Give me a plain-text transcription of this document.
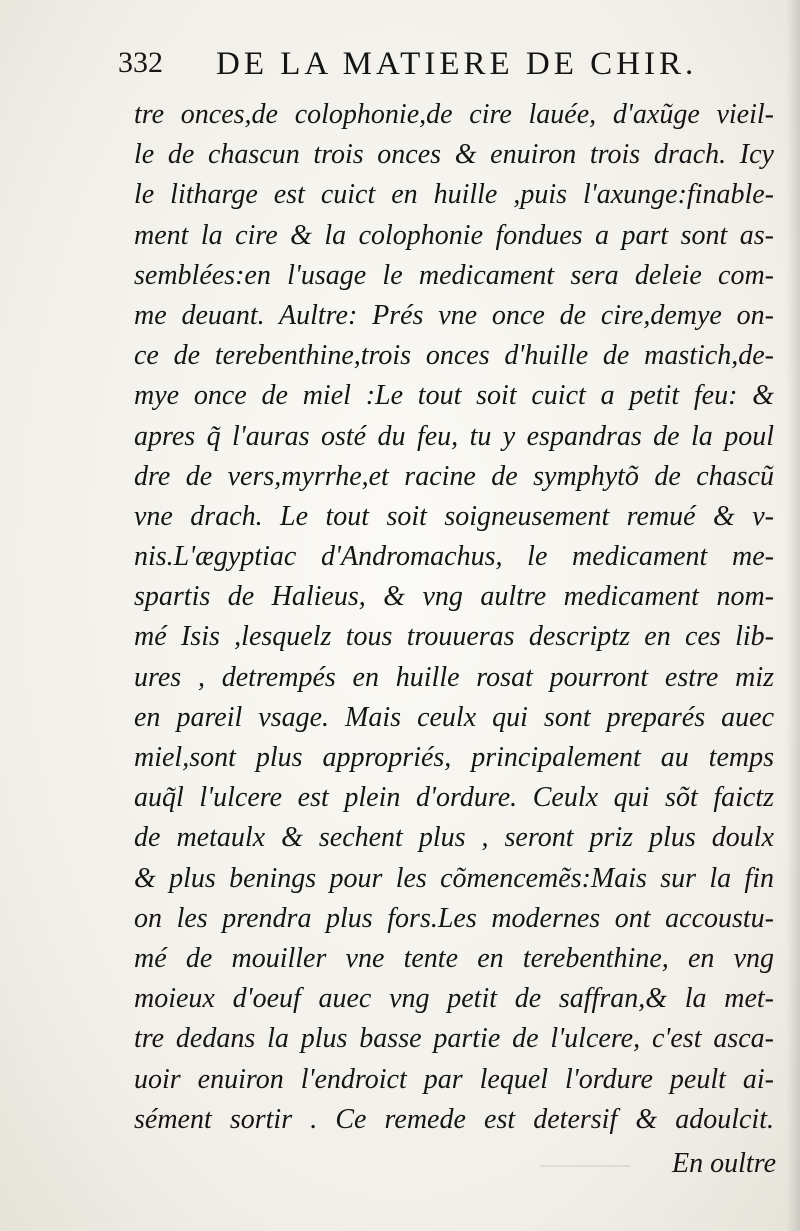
332 DE LA MATIERE DE CHIR.
tre onces,de colophonie,de cire lauée, d'axũge vieil-
le de chascun trois onces & enuiron trois drach. Icy
le litharge est cuict en huille ,puis l'axunge:finable-
ment la cire & la colophonie fondues a part sont as-
semblées:en l'usage le medicament sera deleie com-
me deuant. Aultre: Prés vne once de cire,demye on-
ce de terebenthine,trois onces d'huille de mastich,de-
mye once de miel :Le tout soit cuict a petit feu: &
apres q̃ l'auras osté du feu, tu y espandras de la poul
dre de vers,myrrhe,et racine de symphytõ de chascũ
vne drach. Le tout soit soigneusement remué & v-
nis.L'ægyptiac d'Andromachus, le medicament me-
spartis de Halieus, & vng aultre medicament nom-
mé Isis ,lesquelz tous trouueras descriptz en ces lib-
ures , detrempés en huille rosat pourront estre miz
en pareil vsage. Mais ceulx qui sont preparés auec
miel,sont plus appropriés, principalement au temps
auq̃l l'ulcere est plein d'ordure. Ceulx qui sõt faictz
de metaulx & sechent plus , seront priz plus doulx
& plus benings pour les cõmencemẽs:Mais sur la fin
on les prendra plus fors.Les modernes ont accoustu-
mé de mouiller vne tente en terebenthine, en vng
moieux d'oeuf auec vng petit de saffran,& la met-
tre dedans la plus basse partie de l'ulcere, c'est asca-
uoir enuiron l'endroict par lequel l'ordure peult ai-
sément sortir . Ce remede est detersif & adoulcit.
En oultre
